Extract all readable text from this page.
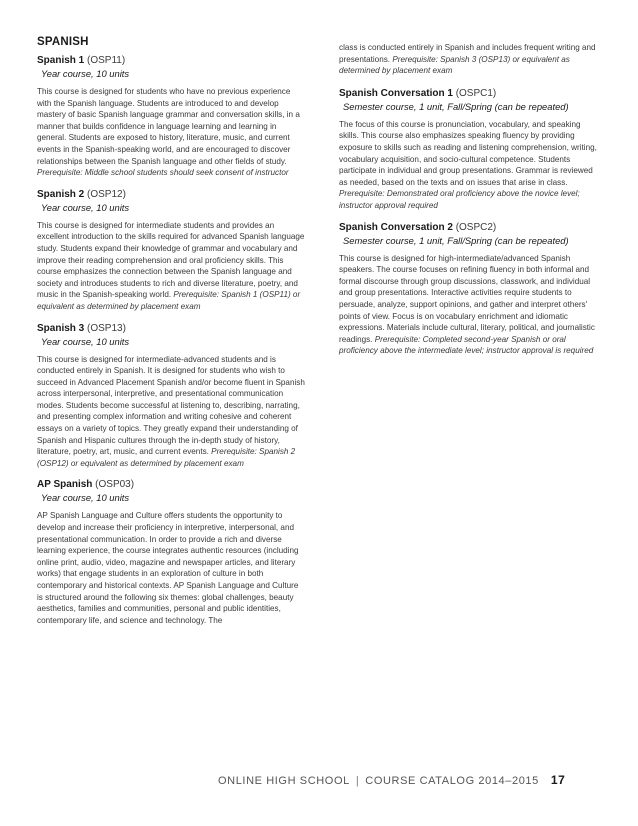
SPANISH
Spanish 1 (OSP11)
Year course, 10 units

This course is designed for students who have no previous experience with the Spanish language. Students are introduced to and develop mastery of basic Spanish language grammar and conversation skills, in a manner that builds confidence in language learning and learning in general. Students are exposed to history, literature, music, and current events in the Spanish-speaking world, and are encouraged to discover relationships between the Spanish language and other fields of study. Prerequisite: Middle school students should seek consent of instructor

Spanish 2 (OSP12)
Year course, 10 units

This course is designed for intermediate students and provides an excellent introduction to the skills required for advanced Spanish language study. Students expand their knowledge of grammar and vocabulary and improve their reading comprehension and oral proficiency skills. This course emphasizes the connection between the Spanish language and society and introduces students to rich and diverse literature, poetry, and music in the Spanish-speaking world. Prerequisite: Spanish 1 (OSP11) or equivalent as determined by placement exam

Spanish 3 (OSP13)
Year course, 10 units

This course is designed for intermediate-advanced students and is conducted entirely in Spanish. It is designed for students who wish to succeed in Advanced Placement Spanish and/or become fluent in Spanish across interpersonal, interpretive, and presentational communication modes. Students become successful at listening to, describing, narrating, and presenting complex information and writing cohesive and coherent essays on a variety of topics. They greatly expand their understanding of Spanish and Hispanic cultures through the in-depth study of history, literature, poetry, art, music, and current events. Prerequisite: Spanish 2 (OSP12) or equivalent as determined by placement exam

AP Spanish (OSP03)
Year course, 10 units

AP Spanish Language and Culture offers students the opportunity to develop and increase their proficiency in interpretive, interpersonal, and presentational communication. In order to provide a rich and diverse learning experience, the course integrates authentic resources (including online print, audio, video, magazine and newspaper articles, and literary works) that engage students in an exploration of culture in both contemporary and historical contexts. AP Spanish Language and Culture is structured around the following six themes: global challenges, beauty aesthetics, families and communities, personal and public identities, contemporary life, and science and technology. The

class is conducted entirely in Spanish and includes frequent writing and presentations. Prerequisite: Spanish 3 (OSP13) or equivalent as determined by placement exam

Spanish Conversation 1 (OSPC1)
Semester course, 1 unit, Fall/Spring (can be repeated)

The focus of this course is pronunciation, vocabulary, and speaking skills. This course also emphasizes speaking fluency by providing exposure to skills such as reading and listening comprehension, writing, vocabulary acquisition, and socio-cultural competence. Students participate in individual and group presentations. Grammar is reviewed as needed, based on the texts and on issues that arise in class. Prerequisite: Demonstrated oral proficiency above the novice level; instructor approval required

Spanish Conversation 2 (OSPC2)
Semester course, 1 unit, Fall/Spring (can be repeated)

This course is designed for high-intermediate/advanced Spanish speakers. The course focuses on refining fluency in both informal and formal discourse through group discussions, classwork, and individual and group presentations. Interactive activities require students to persuade, analyze, support opinions, and gather and interpret others' points of view. Focus is on vocabulary enrichment and idiomatic expressions. Materials include cultural, literary, political, and journalistic readings. Prerequisite: Completed second-year Spanish or oral proficiency above the intermediate level; instructor approval is required

ONLINE HIGH SCHOOL | COURSE CATALOG 2014–2015 17
